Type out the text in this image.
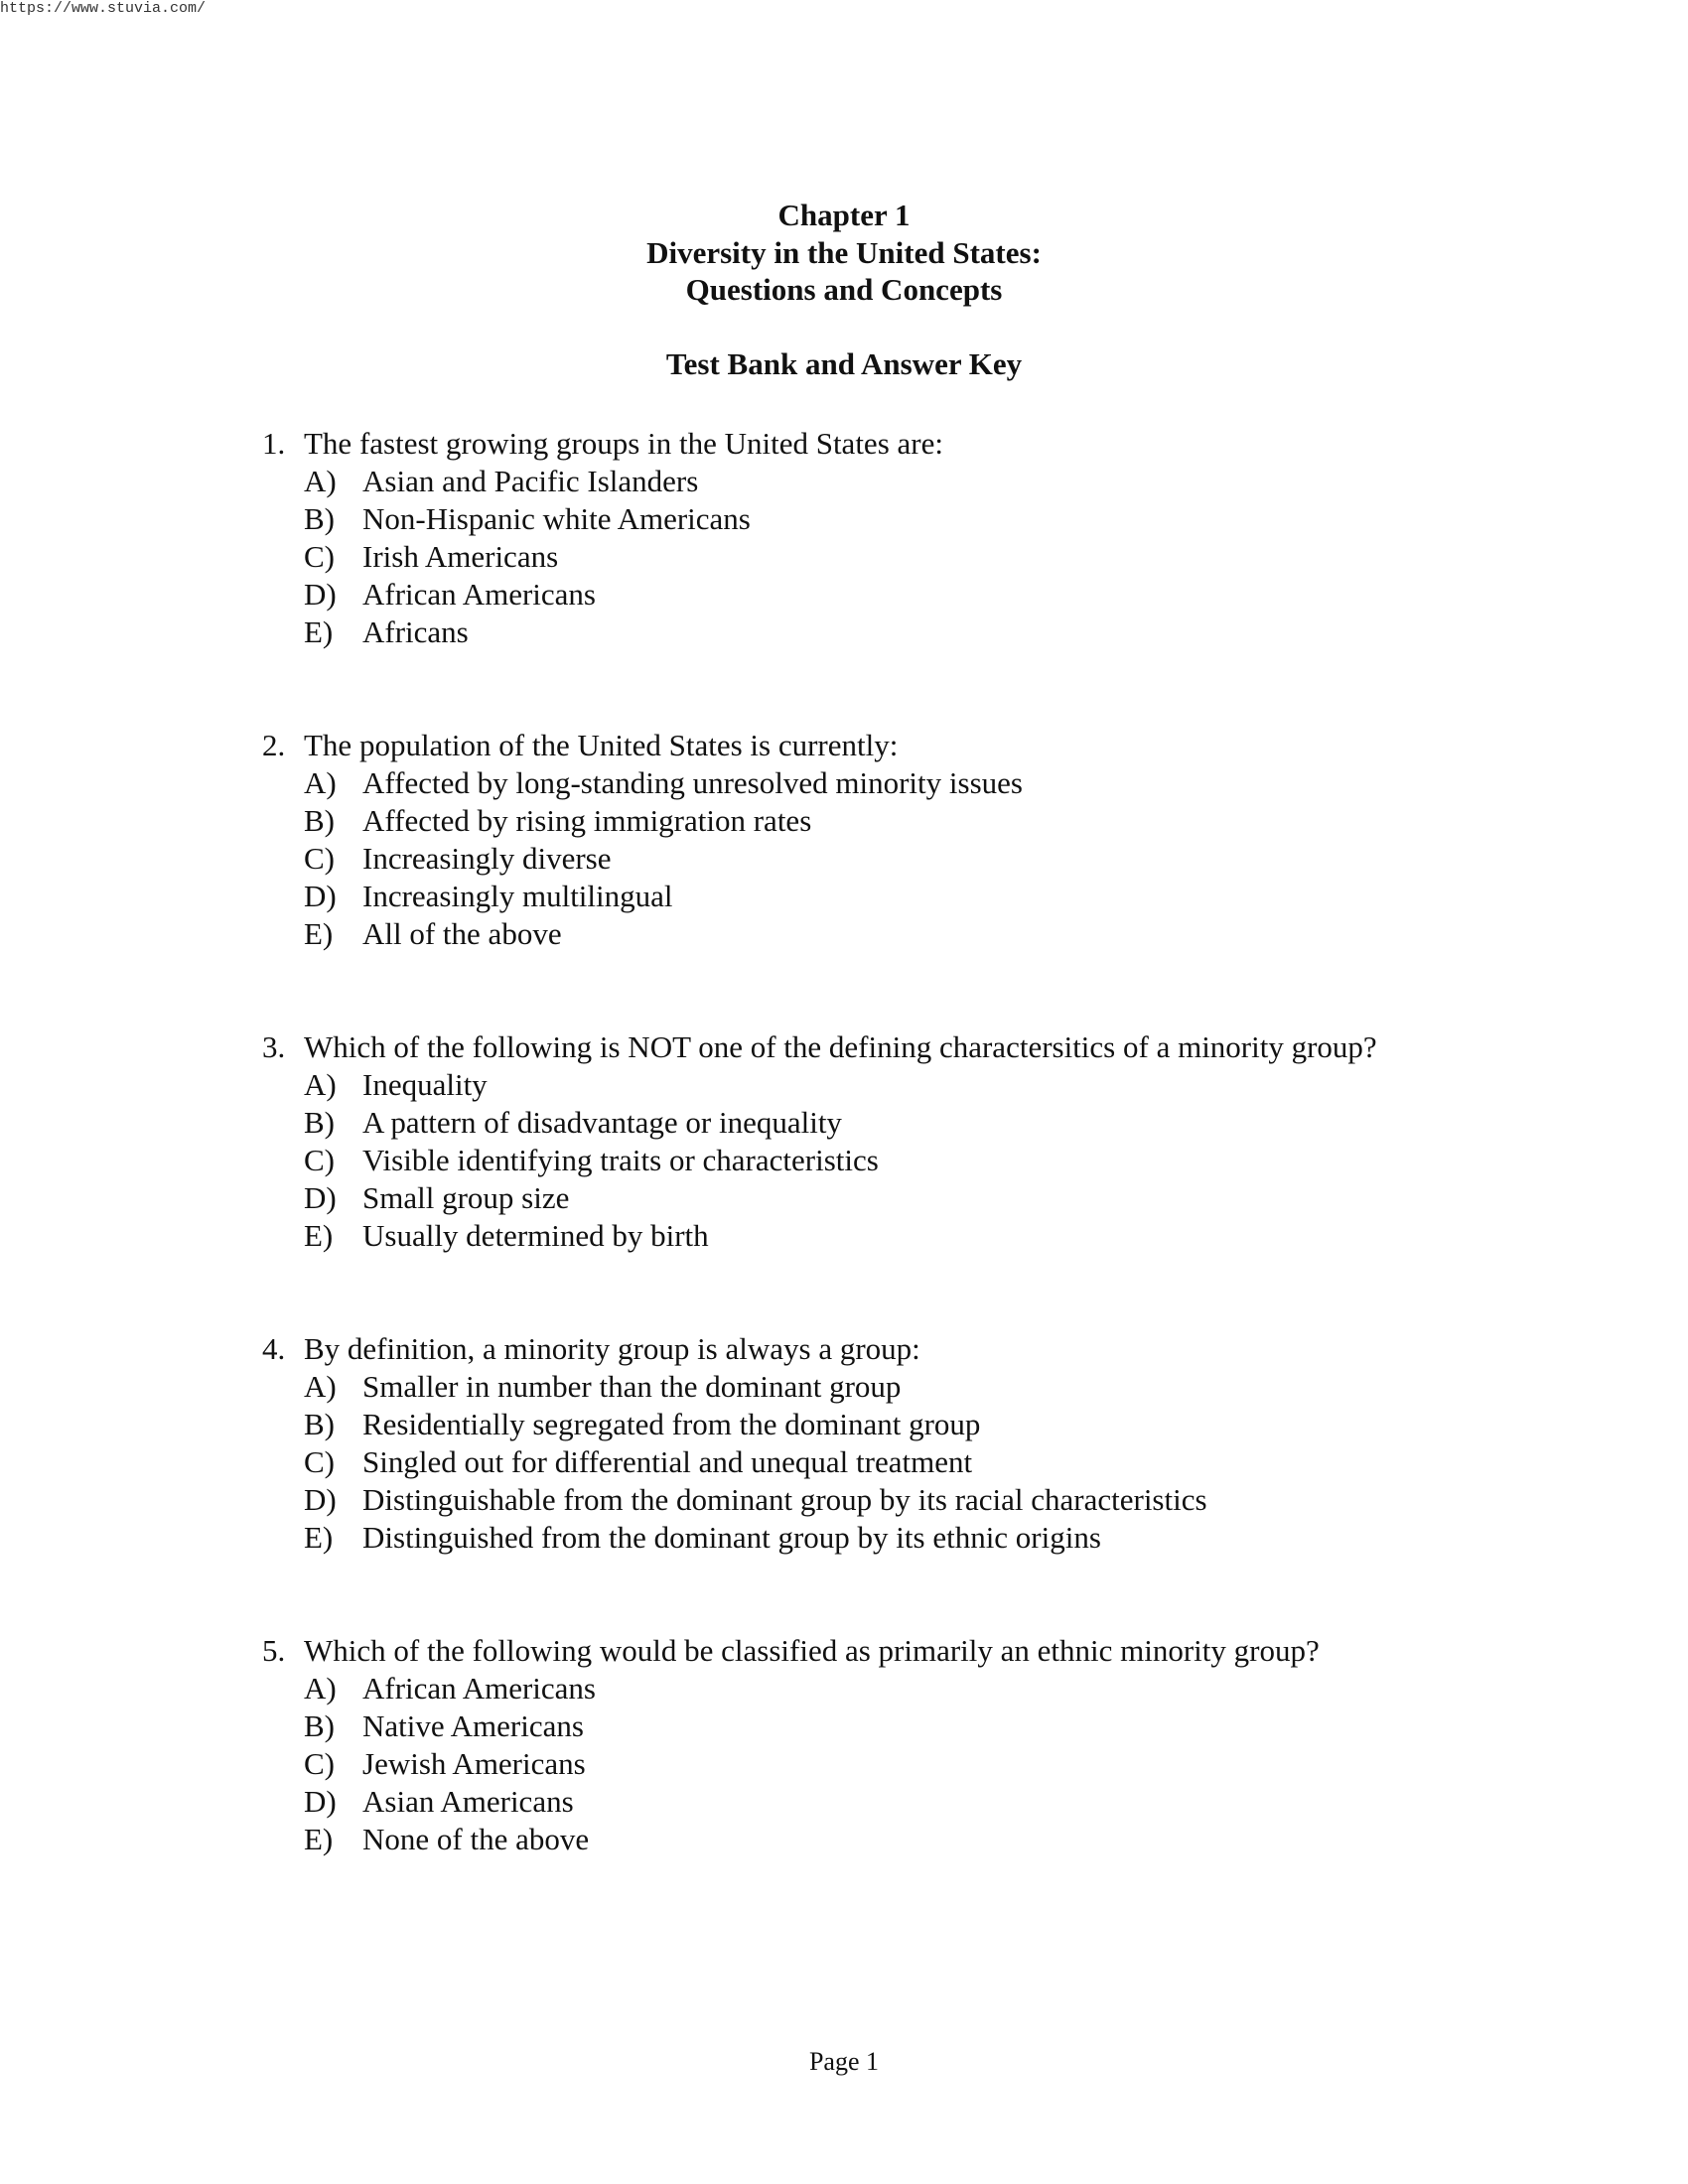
https://www.stuvia.com/
Chapter 1
Diversity in the United States:
Questions and Concepts
Test Bank and Answer Key
1. The fastest growing groups in the United States are:
A) Asian and Pacific Islanders
B) Non-Hispanic white Americans
C) Irish Americans
D) African Americans
E) Africans
2. The population of the United States is currently:
A) Affected by long-standing unresolved minority issues
B) Affected by rising immigration rates
C) Increasingly diverse
D) Increasingly multilingual
E) All of the above
3. Which of the following is NOT one of the defining charactersitics of a minority group?
A) Inequality
B) A pattern of disadvantage or inequality
C) Visible identifying traits or characteristics
D) Small group size
E) Usually determined by birth
4. By definition, a minority group is always a group:
A) Smaller in number than the dominant group
B) Residentially segregated from the dominant group
C) Singled out for differential and unequal treatment
D) Distinguishable from the dominant group by its racial characteristics
E) Distinguished from the dominant group by its ethnic origins
5. Which of the following would be classified as primarily an ethnic minority group?
A) African Americans
B) Native Americans
C) Jewish Americans
D) Asian Americans
E) None of the above
Page 1
